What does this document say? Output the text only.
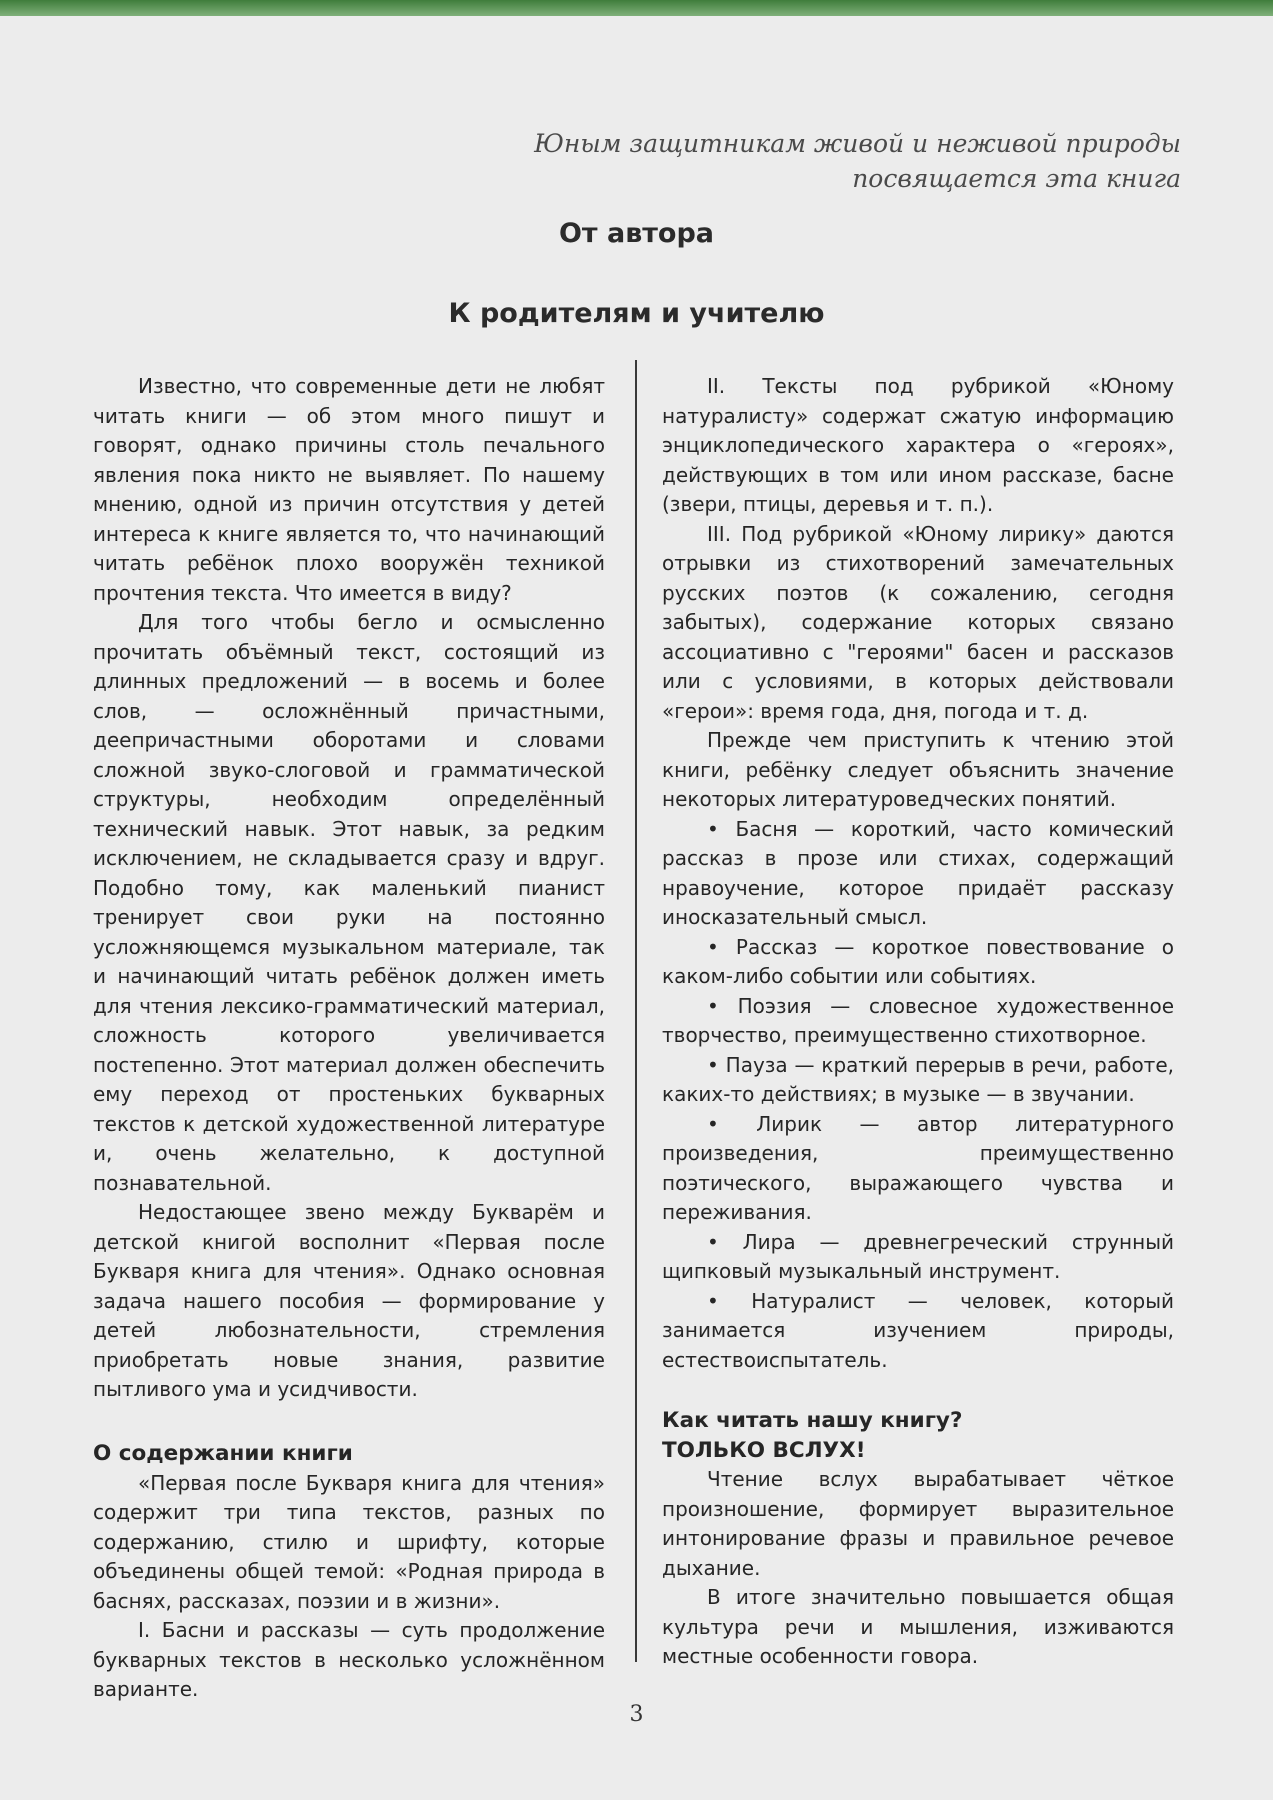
Юным защитникам живой и неживой природы
посвящается эта книга
От автора
К родителям и учителю

Известно, что современные дети не любят читать книги — об этом много пишут и говорят, однако причины столь печального явления пока никто не выявляет. По нашему мнению, одной из причин отсутствия у детей интереса к книге является то, что начинающий читать ребёнок плохо вооружён техникой прочтения текста. Что имеется в виду?

Для того чтобы бегло и осмысленно прочитать объёмный текст, состоящий из длинных предложений — в восемь и более слов, — осложнённый причастными, деепричастными оборотами и словами сложной звуко-слоговой и грамматической структуры, необходим определённый технический навык. Этот навык, за редким исключением, не складывается сразу и вдруг. Подобно тому, как маленький пианист тренирует свои руки на постоянно усложняющемся музыкальном материале, так и начинающий читать ребёнок должен иметь для чтения лексико-грамматический материал, сложность которого увеличивается постепенно. Этот материал должен обеспечить ему переход от простеньких букварных текстов к детской художественной литературе и, очень желательно, к доступной познавательной.

Недостающее звено между Букварём и детской книгой восполнит «Первая после Букваря книга для чтения». Однако основная задача нашего пособия — формирование у детей любознательности, стремления приобретать новые знания, развитие пытливого ума и усидчивости.

О содержании книги

«Первая после Букваря книга для чтения» содержит три типа текстов, разных по содержанию, стилю и шрифту, которые объединены общей темой: «Родная природа в баснях, рассказах, поэзии и в жизни».

I. Басни и рассказы — суть продолжение букварных текстов в несколько усложнённом варианте.

II. Тексты под рубрикой «Юному натуралисту» содержат сжатую информацию энциклопедического характера о «героях», действующих в том или ином рассказе, басне (звери, птицы, деревья и т. п.).

III. Под рубрикой «Юному лирику» даются отрывки из стихотворений замечательных русских поэтов (к сожалению, сегодня забытых), содержание которых связано ассоциативно с "героями" басен и рассказов или с условиями, в которых действовали «герои»: время года, дня, погода и т. д.

Прежде чем приступить к чтению этой книги, ребёнку следует объяснить значение некоторых литературоведческих понятий.

• Басня — короткий, часто комический рассказ в прозе или стихах, содержащий нравоучение, которое придаёт рассказу иносказательный смысл.

• Рассказ — короткое повествование о каком-либо событии или событиях.

• Поэзия — словесное художественное творчество, преимущественно стихотворное.

• Пауза — краткий перерыв в речи, работе, каких-то действиях; в музыке — в звучании.

• Лирик — автор литературного произведения, преимущественно поэтического, выражающего чувства и переживания.

• Лира — древнегреческий струнный щипковый музыкальный инструмент.

• Натуралист — человек, который занимается изучением природы, естествоиспытатель.

Как читать нашу книгу?
ТОЛЬКО ВСЛУХ!

Чтение вслух вырабатывает чёткое произношение, формирует выразительное интонирование фразы и правильное речевое дыхание.

В итоге значительно повышается общая культура речи и мышления, изживаются местные особенности говора.

3
